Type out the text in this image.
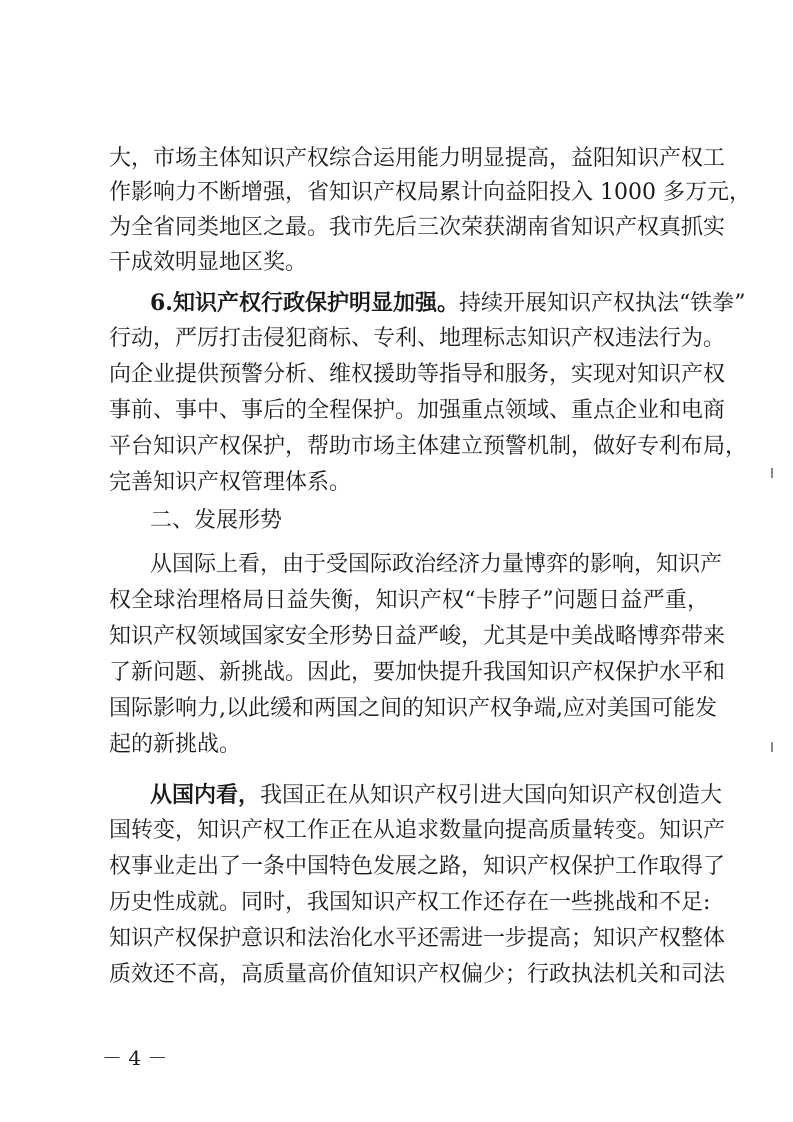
大，市场主体知识产权综合运用能力明显提高，益阳知识产权工
作影响力不断增强，省知识产权局累计向益阳投入 1000 多万元，
为全省同类地区之最。我市先后三次荣获湖南省知识产权真抓实
干成效明显地区奖。
6.知识产权行政保护明显加强。持续开展知识产权执法“铁拳”
行动，严厉打击侵犯商标、专利、地理标志知识产权违法行为。
向企业提供预警分析、维权援助等指导和服务，实现对知识产权
事前、事中、事后的全程保护。加强重点领域、重点企业和电商
平台知识产权保护，帮助市场主体建立预警机制，做好专利布局，
完善知识产权管理体系。
二、发展形势
从国际上看，由于受国际政治经济力量博弈的影响，知识产
权全球治理格局日益失衡，知识产权“卡脖子”问题日益严重，
知识产权领域国家安全形势日益严峻，尤其是中美战略博弈带来
了新问题、新挑战。因此，要加快提升我国知识产权保护水平和
国际影响力,以此缓和两国之间的知识产权争端,应对美国可能发
起的新挑战。
从国内看，我国正在从知识产权引进大国向知识产权创造大
国转变，知识产权工作正在从追求数量向提高质量转变。知识产
权事业走出了一条中国特色发展之路，知识产权保护工作取得了
历史性成就。同时，我国知识产权工作还存在一些挑战和不足:
知识产权保护意识和法治化水平还需进一步提高；知识产权整体
质效还不高，高质量高价值知识产权偏少；行政执法机关和司法
－ 4 －
